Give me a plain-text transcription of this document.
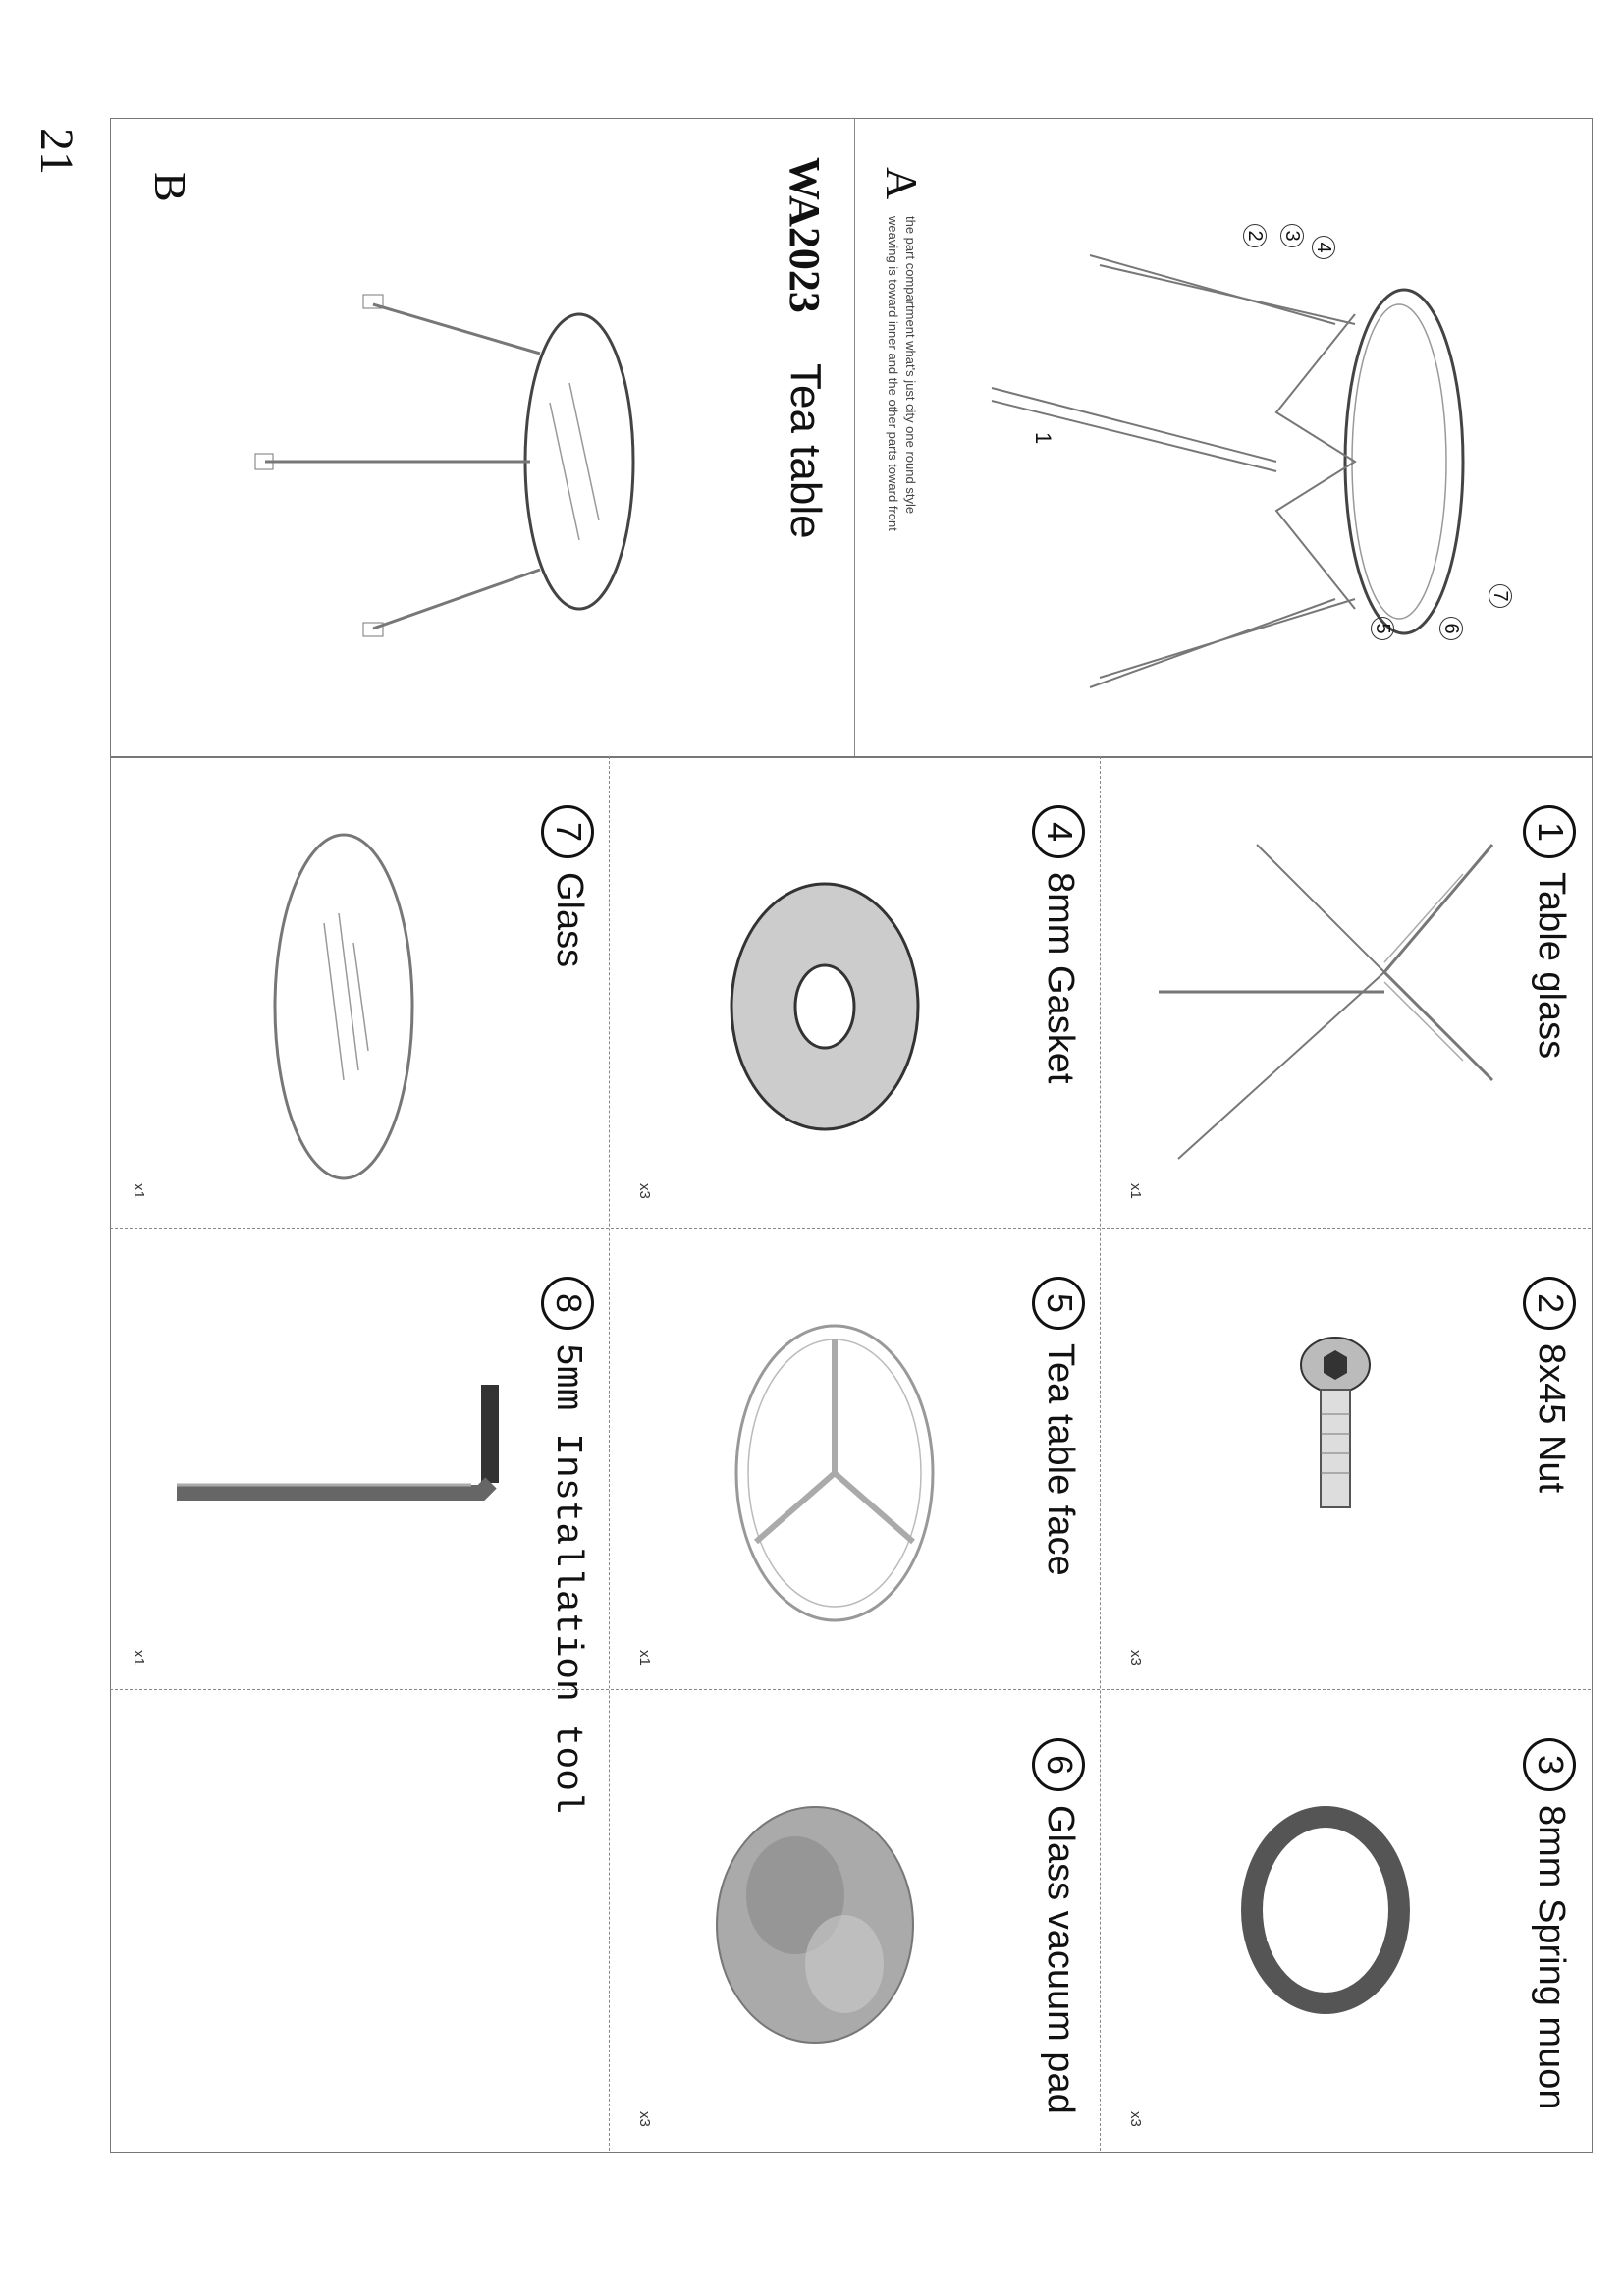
21
A
the part compartment what's just city one round style
weaving is toward inner and the other parts toward front	1
2 3
4
5 6
7
WA2023
Tea table
B
1Table glass
x1
28x45 Nut
x3
38mm Spring muon
x3
48mm Gasket
x3
5Tea table face
x1
6Glass vacuum pad
x3
7Glass
x1
85mm Installation tool
x1
